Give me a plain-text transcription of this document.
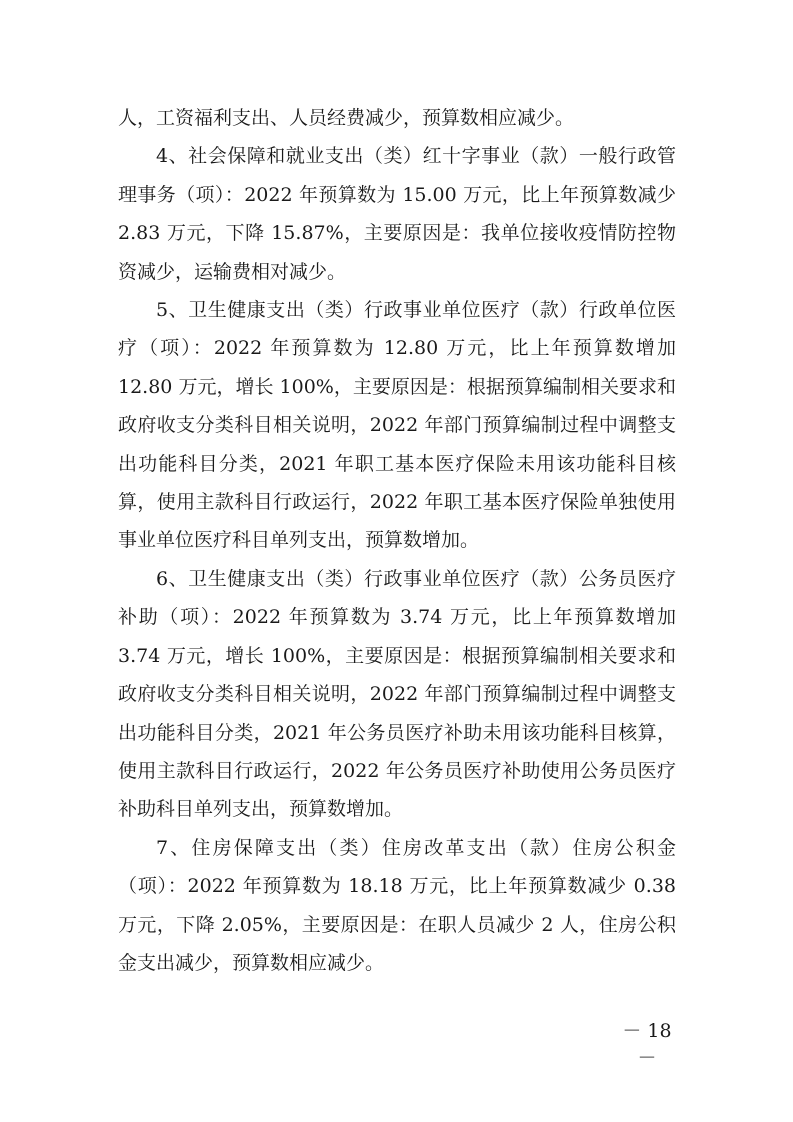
人，工资福利支出、人员经费减少，预算数相应减少。

4、社会保障和就业支出（类）红十字事业（款）一般行政管理事务（项）：2022 年预算数为 15.00 万元，比上年预算数减少 2.83 万元，下降 15.87%，主要原因是：我单位接收疫情防控物资减少，运输费相对减少。

5、卫生健康支出（类）行政事业单位医疗（款）行政单位医疗（项）：2022 年预算数为 12.80 万元，比上年预算数增加 12.80 万元，增长 100%，主要原因是：根据预算编制相关要求和政府收支分类科目相关说明，2022 年部门预算编制过程中调整支出功能科目分类，2021 年职工基本医疗保险未用该功能科目核算，使用主款科目行政运行，2022 年职工基本医疗保险单独使用事业单位医疗科目单列支出，预算数增加。

6、卫生健康支出（类）行政事业单位医疗（款）公务员医疗补助（项）：2022 年预算数为 3.74 万元，比上年预算数增加 3.74 万元，增长 100%，主要原因是：根据预算编制相关要求和政府收支分类科目相关说明，2022 年部门预算编制过程中调整支出功能科目分类，2021 年公务员医疗补助未用该功能科目核算，使用主款科目行政运行，2022 年公务员医疗补助使用公务员医疗补助科目单列支出，预算数增加。

7、住房保障支出（类）住房改革支出（款）住房公积金（项）：2022 年预算数为 18.18 万元，比上年预算数减少 0.38 万元，下降 2.05%，主要原因是：在职人员减少 2 人，住房公积金支出减少，预算数相应减少。

－ 18 －
